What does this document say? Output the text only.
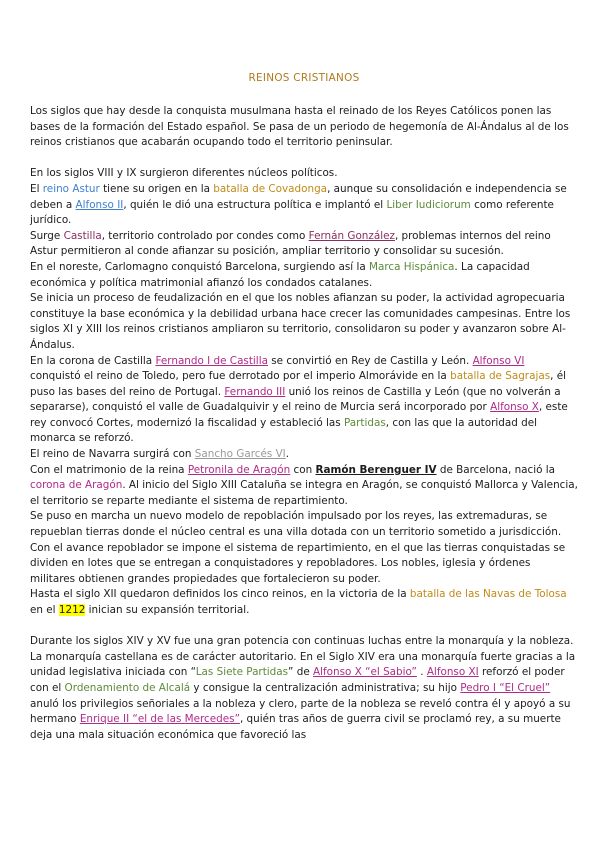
REINOS CRISTIANOS

Los siglos que hay desde la conquista musulmana hasta el reinado de los Reyes Católicos ponen las bases de la formación del Estado español. Se pasa de un periodo de hegemonía de Al-Ándalus al de los reinos cristianos que acabarán ocupando todo el territorio peninsular.

En los siglos VIII y IX surgieron diferentes núcleos políticos.

El reino Astur tiene su origen en la batalla de Covadonga, aunque su consolidación e independencia se deben a Alfonso II, quién le dió una estructura política e implantó el Liber Iudiciorum como referente jurídico.

Surge Castilla, territorio controlado por condes como Fernán González, problemas internos del reino Astur permitieron al conde afianzar su posición, ampliar territorio y consolidar su sucesión.

En el noreste, Carlomagno conquistó Barcelona, surgiendo así la Marca Hispánica. La capacidad económica y política matrimonial afianzó los condados catalanes.

Se inicia un proceso de feudalización en el que los nobles afianzan su poder, la actividad agropecuaria constituye la base económica y la debilidad urbana hace crecer las comunidades campesinas. Entre los siglos XI y XIII los reinos cristianos ampliaron su territorio, consolidaron su poder y avanzaron sobre Al-Ándalus.

En la corona de Castilla Fernando I de Castilla se convirtió en Rey de Castilla y León. Alfonso VI conquistó el reino de Toledo, pero fue derrotado por el imperio Almorávide en la batalla de Sagrajas, él puso las bases del reino de Portugal. Fernando III unió los reinos de Castilla y León (que no volverán a separarse), conquistó el valle de Guadalquivir y el reino de Murcia será incorporado por Alfonso X, este rey convocó Cortes, modernizó la fiscalidad y estableció las Partidas, con las que la autoridad del monarca se reforzó.

El reino de Navarra surgirá con Sancho Garcés VI.

Con el matrimonio de la reina Petronila de Aragón con Ramón Berenguer IV de Barcelona, nació la corona de Aragón. Al inicio del Siglo XIII Cataluña se integra en Aragón, se conquistó Mallorca y Valencia, el territorio se reparte mediante el sistema de repartimiento.

Se puso en marcha un nuevo modelo de repoblación impulsado por los reyes, las extremaduras, se repueblan tierras donde el núcleo central es una villa dotada con un territorio sometido a jurisdicción.

Con el avance repoblador se impone el sistema de repartimiento, en el que las tierras conquistadas se dividen en lotes que se entregan a conquistadores y repobladores. Los nobles, iglesia y órdenes militares obtienen grandes propiedades que fortalecieron su poder.

Hasta el siglo XII quedaron definidos los cinco reinos, en la victoria de la batalla de las Navas de Tolosa en el 1212 inician su expansión territorial.

Durante los siglos XIV y XV fue una gran potencia con continuas luchas entre la monarquía y la nobleza. La monarquía castellana es de carácter autoritario. En el Siglo XIV era una monarquía fuerte gracias a la unidad legislativa iniciada con “Las Siete Partidas” de Alfonso X “el Sabio” . Alfonso XI reforzó el poder con el Ordenamiento de Alcalá y consigue la centralización administrativa; su hijo Pedro I “El Cruel” anuló los privilegios señoriales a la nobleza y clero, parte de la nobleza se reveló contra él y apoyó a su hermano Enrique II “el de las Mercedes”, quién tras años de guerra civil se proclamó rey, a su muerte deja una mala situación económica que favoreció las
